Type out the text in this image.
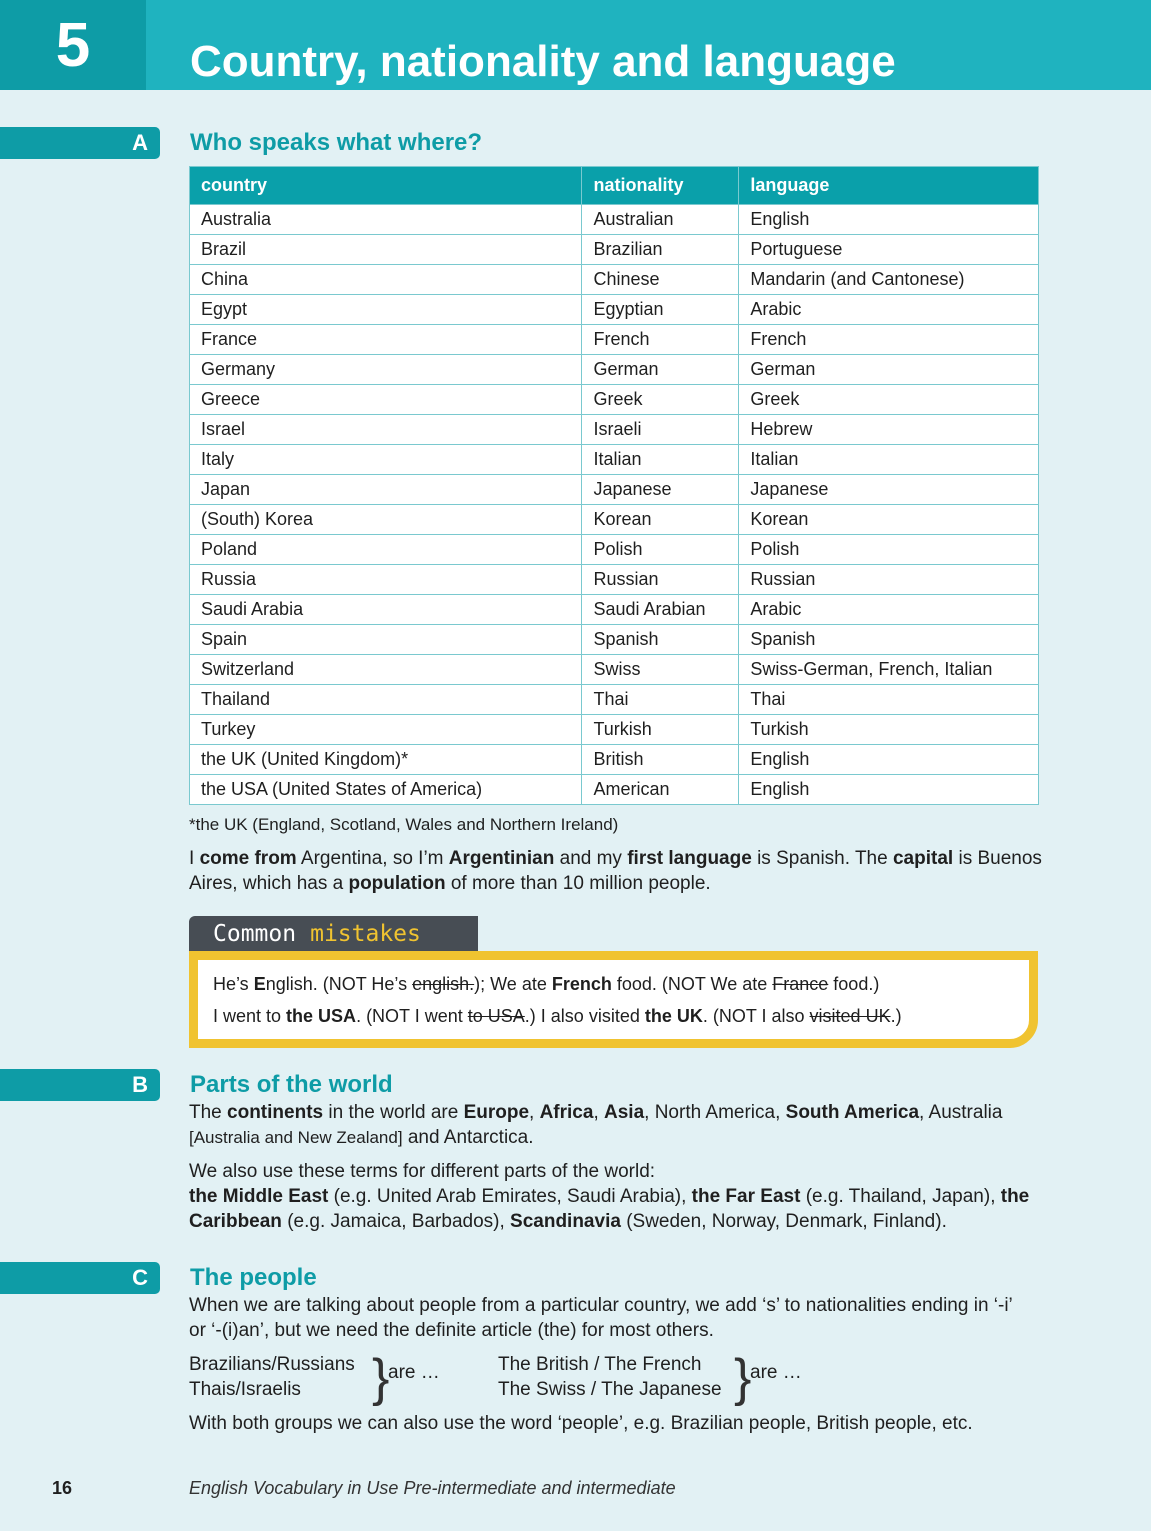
5 Country, nationality and language
A	Who speaks what where?
country	nationality	language
Australia	Australian	English
Brazil	Brazilian	Portuguese
China	Chinese	Mandarin (and Cantonese)
Egypt	Egyptian	Arabic
France	French	French
Germany	German	German
Greece	Greek	Greek
Israel	Israeli	Hebrew
Italy	Italian	Italian
Japan	Japanese	Japanese
(South) Korea	Korean	Korean
Poland	Polish	Polish
Russia	Russian	Russian
Saudi Arabia	Saudi Arabian	Arabic
Spain	Spanish	Spanish
Switzerland	Swiss	Swiss-German, French, Italian
Thailand	Thai	Thai
Turkey	Turkish	Turkish
the UK (United Kingdom)*	British	English
the USA (United States of America)	American	English
*the UK (England, Scotland, Wales and Northern Ireland)
I come from Argentina, so I’m Argentinian and my first language is Spanish. The capital is Buenos Aires, which has a population of more than 10 million people.
Common mistakes
He’s English. (NOT He’s english.); We ate French food. (NOT We ate France food.)
I went to the USA. (NOT I went to USA.) I also visited the UK. (NOT I also visited UK.)
B	Parts of the world
The continents in the world are Europe, Africa, Asia, North America, South America, Australia [Australia and New Zealand] and Antarctica.
We also use these terms for different parts of the world:
the Middle East (e.g. United Arab Emirates, Saudi Arabia), the Far East (e.g. Thailand, Japan), the Caribbean (e.g. Jamaica, Barbados), Scandinavia (Sweden, Norway, Denmark, Finland).
C	The people
When we are talking about people from a particular country, we add ‘s’ to nationalities ending in ‘-i’ or ‘-(i)an’, but we need the definite article (the) for most others.
Brazilians/Russians
Thais/Israelis	}
are …	The British / The French
The Swiss / The Japanese }
are …
With both groups we can also use the word ‘people’, e.g. Brazilian people, British people, etc.
16	English Vocabulary in Use Pre-intermediate and intermediate
